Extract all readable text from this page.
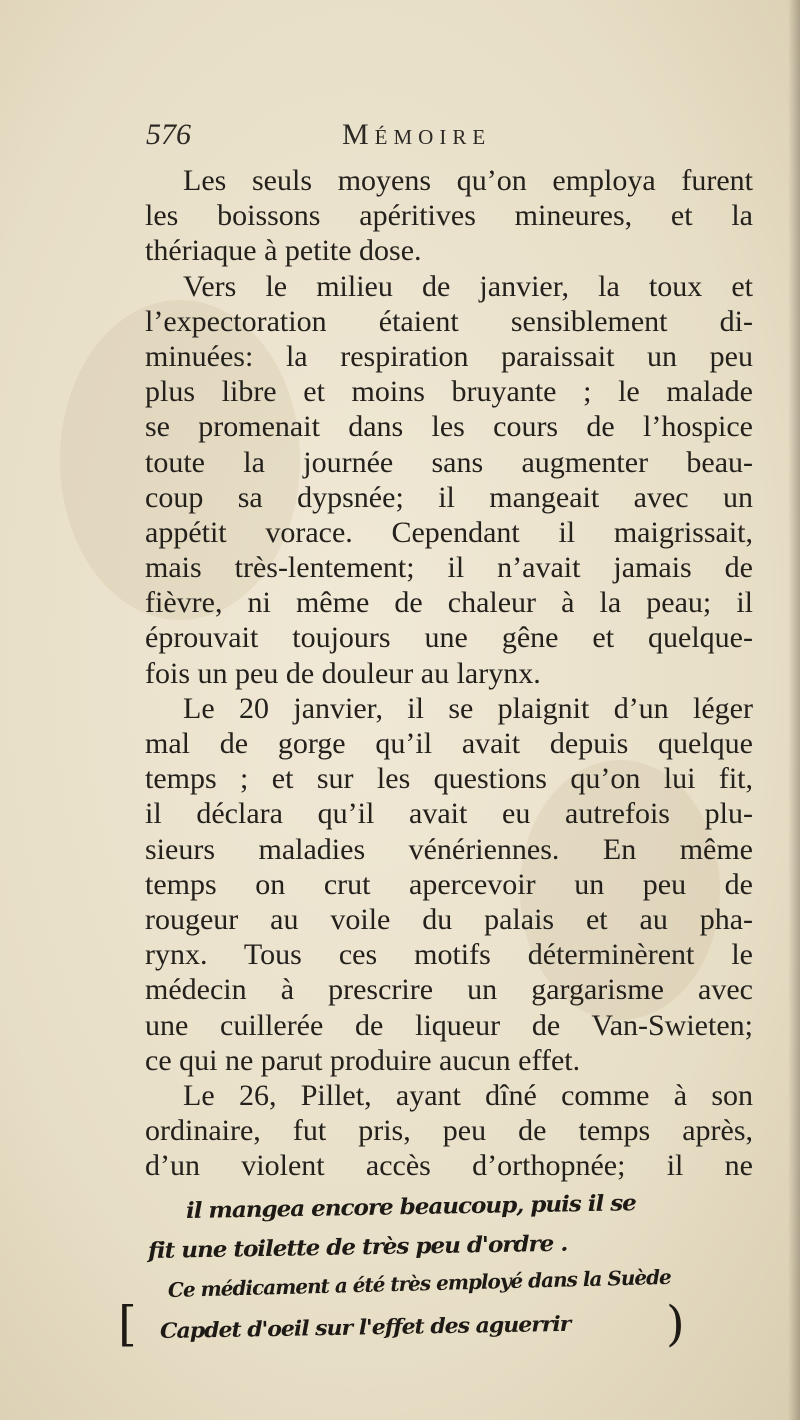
576	Mémoire
Les seuls moyens qu’on employa furent
les boissons apéritives mineures, et la
thériaque à petite dose.
Vers le milieu de janvier, la toux et
l’expectoration étaient sensiblement di-
minuées: la respiration paraissait un peu
plus libre et moins bruyante ; le malade
se promenait dans les cours de l’hospice
toute la journée sans augmenter beau-
coup sa dypsnée; il mangeait avec un
appétit vorace. Cependant il maigrissait,
mais très-lentement; il n’avait jamais de
fièvre, ni même de chaleur à la peau; il
éprouvait toujours une gêne et quelque-
fois un peu de douleur au larynx.
Le 20 janvier, il se plaignit d’un léger
mal de gorge qu’il avait depuis quelque
temps ; et sur les questions qu’on lui fit,
il déclara qu’il avait eu autrefois plu-
sieurs maladies vénériennes. En même
temps on crut apercevoir un peu de
rougeur au voile du palais et au pha-
rynx. Tous ces motifs déterminèrent le
médecin à prescrire un gargarisme avec
une cuillerée de liqueur de Van-Swieten;
ce qui ne parut produire aucun effet.
Le 26, Pillet, ayant dîné comme à son
ordinaire, fut pris, peu de temps après,
d’un violent accès d’orthopnée; il ne
il mangea encore beaucoup, puis il se
fit une toilette de très peu d'ordre .
Ce médicament a été très employé dans la Suède
[ Capdet d'oeil sur l'effet des aguerrir )
